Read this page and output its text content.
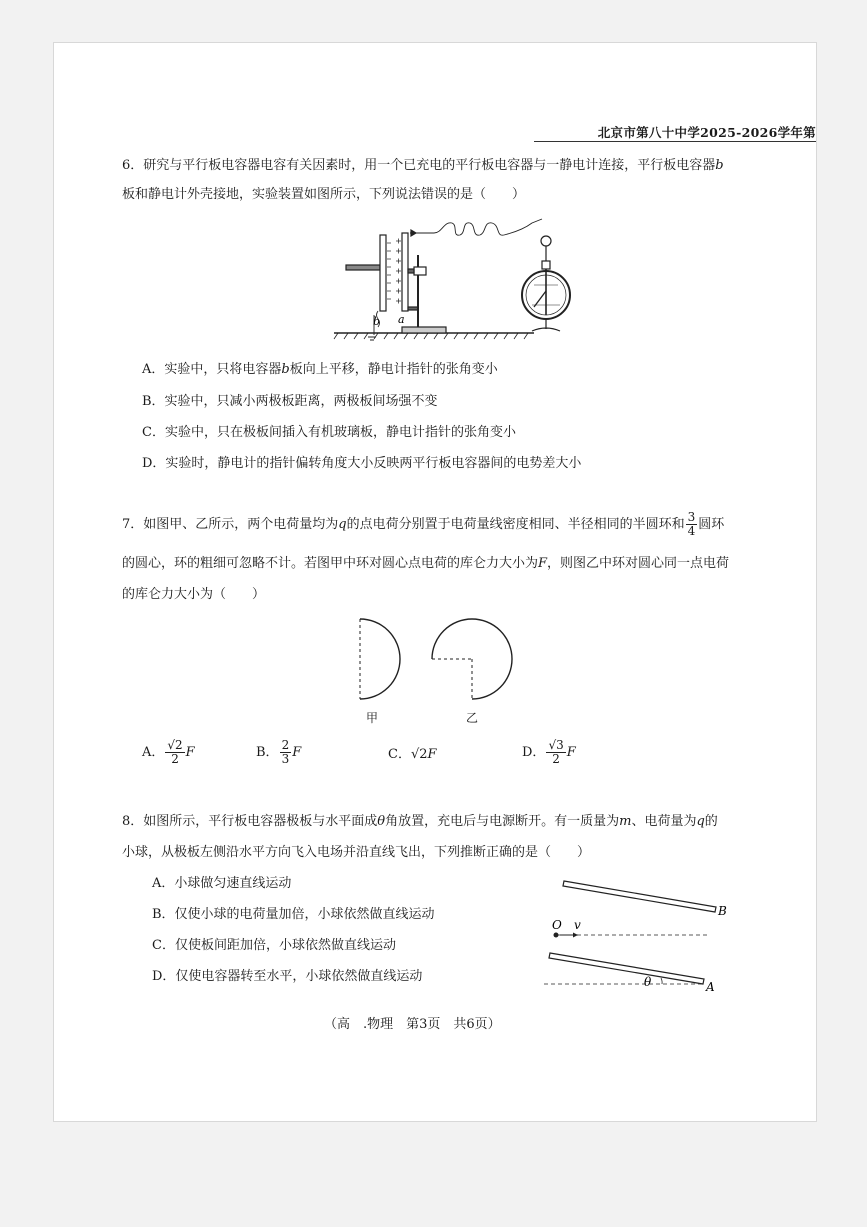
北京市第八十中学2025-2026学年第
6．研究与平行板电容器电容有关因素时，用一个已充电的平行板电容器与一静电计连接，平行板电容器b
板和静电计外壳接地，实验装置如图所示，下列说法错误的是（　　）
b a
A．实验中，只将电容器b板向上平移，静电计指针的张角变小
B．实验中，只减小两极板距离，两极板间场强不变
C．实验中，只在极板间插入有机玻璃板，静电计指针的张角变小
D．实验时，静电计的指针偏转角度大小反映两平行板电容器间的电势差大小
7．如图甲、乙所示，两个电荷量均为q的点电荷分别置于电荷量线密度相同、半径相同的半圆环和 $\frac{3}{4}$ 圆环
的圆心，环的粗细可忽略不计。若图甲中环对圆心点电荷的库仑力大小为F，则图乙中环对圆心同一点电荷
的库仑力大小为（　　）
甲	乙
A． $\frac{√2}{2}$ F	B． $\frac{2}{3}$ F	C．√2F	D． $\frac{√3}{2}$ F
8．如图所示，平行板电容器极板与水平面成θ角放置，充电后与电源断开。有一质量为m、电荷量为q的
小球，从极板左侧沿水平方向飞入电场并沿直线飞出，下列推断正确的是（　　）
A．小球做匀速直线运动
B．仅使小球的电荷量加倍，小球依然做直线运动
C．仅使板间距加倍，小球依然做直线运动
D．仅使电容器转至水平，小球依然做直线运动
B
O v
θ	A
（高　.物理　第3页　共6页）
